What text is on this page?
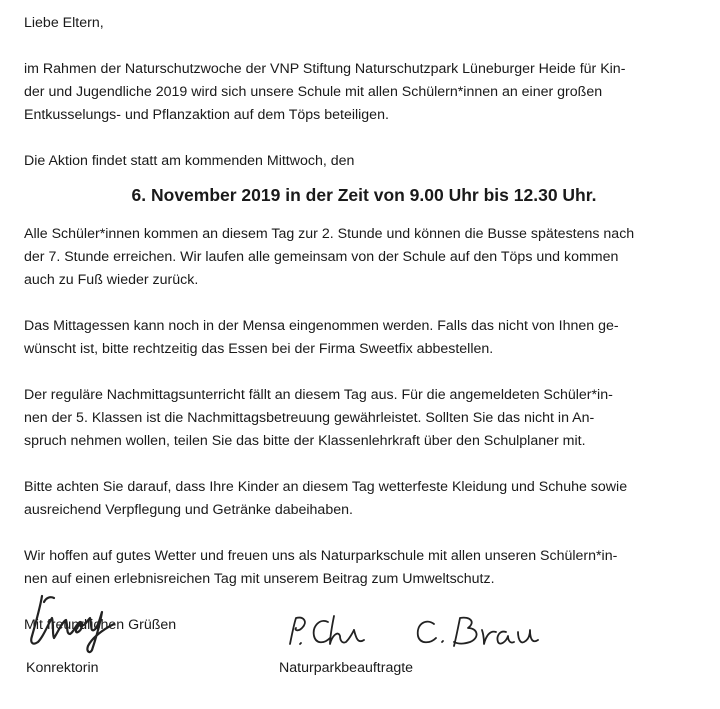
Liebe Eltern,

im Rahmen der Naturschutzwoche der VNP Stiftung Naturschutzpark Lüneburger Heide für Kin-
der und Jugendliche 2019 wird sich unsere Schule mit allen Schülern*innen an einer großen
Entkusselungs- und Pflanzaktion auf dem Töps beteiligen.

Die Aktion findet statt am kommenden Mittwoch, den

6. November 2019 in der Zeit von 9.00 Uhr bis 12.30 Uhr.

Alle Schüler*innen kommen an diesem Tag zur 2. Stunde und können die Busse spätestens nach
der 7. Stunde erreichen. Wir laufen alle gemeinsam von der Schule auf den Töps und kommen
auch zu Fuß wieder zurück.

Das Mittagessen kann noch in der Mensa eingenommen werden. Falls das nicht von Ihnen ge-
wünscht ist, bitte rechtzeitig das Essen bei der Firma Sweetfix abbestellen.

Der reguläre Nachmittagsunterricht fällt an diesem Tag aus. Für die angemeldeten Schüler*in-
nen der 5. Klassen ist die Nachmittagsbetreuung gewährleistet. Sollten Sie das nicht in An-
spruch nehmen wollen, teilen Sie das bitte der Klassenlehrkraft über den Schulplaner mit.

Bitte achten Sie darauf, dass Ihre Kinder an diesem Tag wetterfeste Kleidung und Schuhe sowie
ausreichend Verpflegung und Getränke dabeihaben.

Wir hoffen auf gutes Wetter und freuen uns als Naturparkschule mit allen unseren Schülern*in-
nen auf einen erlebnisreichen Tag mit unserem Beitrag zum Umweltschutz.

Mit freundlichen Grüßen

Konrektorin	Naturparkbeauftragte
